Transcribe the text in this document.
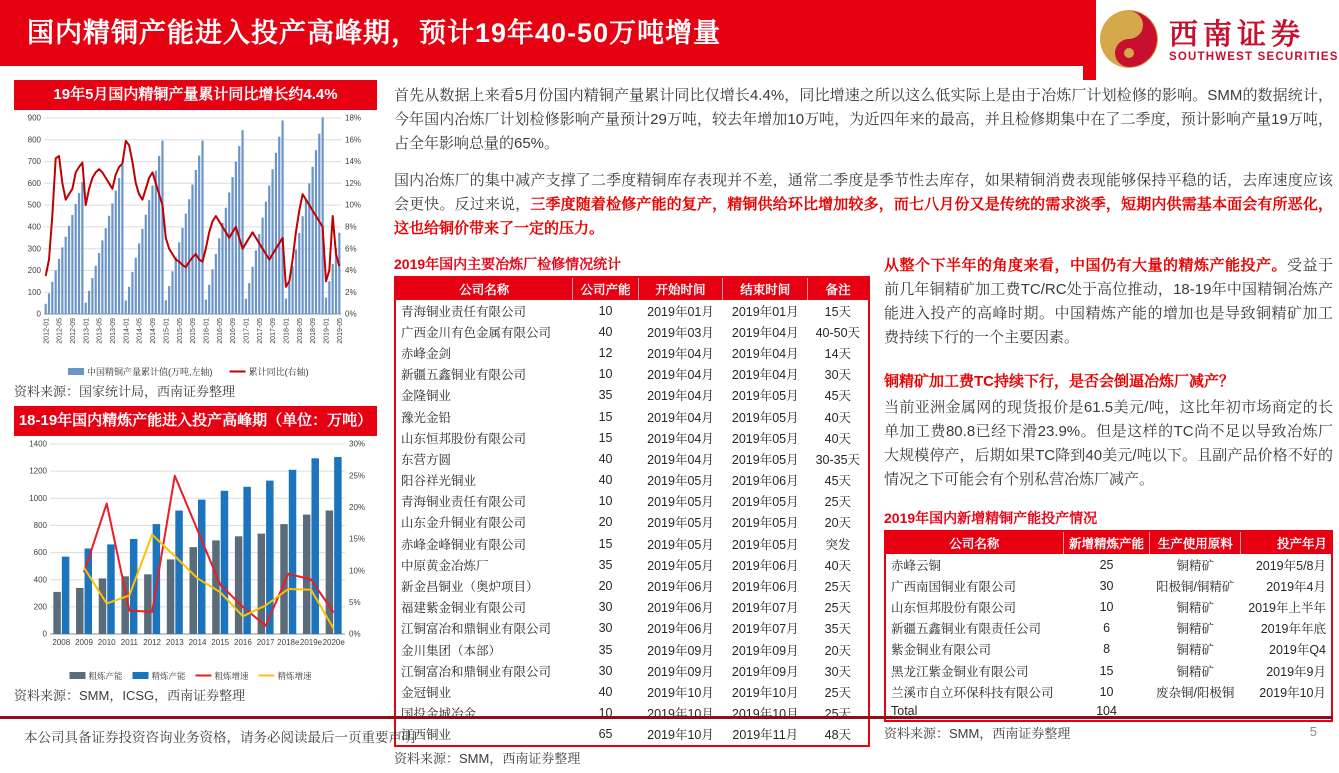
国内精铜产能进入投产高峰期，预计19年40-50万吨增量	西南证券
SOUTHWEST SECURITIES
19年5月国内精铜产量累计同比增长约4.4%
0
100
200
300
400
500
600
700
800
900
0%
2%
4%
6%
8%
10%
12%
14%
16%
18%
2012-01 2012-05 2012-09 2013-01 2013-05 2013-09 2014-01 2014-05 2014-09 2015-01 2015-05 2015-09 2016-01 2016-05 2016-09 2017-01 2017-05 2017-09 2018-01 2018-05 2018-09 2019-01 2019-05
中国精铜产量累计值(万吨,左轴)	累计同比(右轴)
资料来源：国家统计局，西南证券整理
18-19年国内精炼产能进入投产高峰期（单位：万吨）
0
200
400
600
800
1000
1200
1400
0%
5%
10%
15%
20%
25%
30%
2008 2009 2010 2011 2012 2013 2014 2015 2016 2017 2018e 2019e 2020e
粗炼产能	精炼产能	粗炼增速	精炼增速
资料来源：SMM，ICSG，西南证券整理

首先从数据上来看5月份国内精铜产量累计同比仅增长4.4%，同比增速之所以这么低实际上是由于冶炼厂计划检修的影响。SMM的数据统计，今年国内冶炼厂计划检修影响产量预计29万吨，较去年增加10万吨，为近四年来的最高，并且检修期集中在了二季度，预计影响产量19万吨，占全年影响总量的65%。

国内冶炼厂的集中减产支撑了二季度精铜库存表现并不差，通常二季度是季节性去库存，如果精铜消费表现能够保持平稳的话，去库速度应该会更快。反过来说，三季度随着检修产能的复产，精铜供给环比增加较多，而七八月份又是传统的需求淡季，短期内供需基本面会有所恶化，这也给铜价带来了一定的压力。

2019年国内主要冶炼厂检修情况统计
公司名称	公司产能	开始时间	结束时间	备注
青海铜业责任有限公司	10	2019年01月	2019年01月	15天
广西金川有色金属有限公司	40	2019年03月	2019年04月	40-50天
赤峰金剑	12	2019年04月	2019年04月	14天
新疆五鑫铜业有限公司	10	2019年04月	2019年04月	30天
金隆铜业	35	2019年04月	2019年05月	45天
豫光金铅	15	2019年04月	2019年05月	40天
山东恒邦股份有限公司	15	2019年04月	2019年05月	40天
东营方圆	40	2019年04月	2019年05月	30-35天
阳谷祥光铜业	40	2019年05月	2019年06月	45天
青海铜业责任有限公司	10	2019年05月	2019年05月	25天
山东金升铜业有限公司	20	2019年05月	2019年05月	20天
赤峰金峰铜业有限公司	15	2019年05月	2019年05月	突发
中原黄金冶炼厂	35	2019年05月	2019年06月	40天
新金昌铜业（奥炉项目）	20	2019年06月	2019年06月	25天
福建紫金铜业有限公司	30	2019年06月	2019年07月	25天
江铜富冶和鼎铜业有限公司	30	2019年06月	2019年07月	35天
金川集团（本部）	35	2019年09月	2019年09月	20天
江铜富冶和鼎铜业有限公司	30	2019年09月	2019年09月	30天
金冠铜业	40	2019年10月	2019年10月	25天
国投金城冶金	10	2019年10月	2019年10月	25天
江西铜业	65	2019年10月	2019年11月	48天
资料来源：SMM，西南证券整理

从整个下半年的角度来看，中国仍有大量的精炼产能投产。受益于前几年铜精矿加工费TC/RC处于高位推动，18-19年中国精铜冶炼产能进入投产的高峰时期。中国精炼产能的增加也是导致铜精矿加工费持续下行的一个主要因素。

铜精矿加工费TC持续下行，是否会倒逼冶炼厂减产？

当前亚洲金属网的现货报价是61.5美元/吨，这比年初市场商定的长单加工费80.8已经下滑23.9%。但是这样的TC尚不足以导致冶炼厂大规模停产，后期如果TC降到40美元/吨以下。且副产品价格不好的情况之下可能会有个别私营冶炼厂减产。

2019年国内新增精铜产能投产情况
公司名称	新增精炼产能	生产使用原料	投产年月
赤峰云铜	25	铜精矿	2019年5/8月
广西南国铜业有限公司	30	阳极铜/铜精矿	2019年4月
山东恒邦股份有限公司	10	铜精矿	2019年上半年
新疆五鑫铜业有限责任公司	6	铜精矿	2019年年底
紫金铜业有限公司	8	铜精矿	2019年Q4
黑龙江紫金铜业有限公司	15	铜精矿	2019年9月
兰溪市自立环保科技有限公司	10	废杂铜/阳极铜	2019年10月
Total	104		
资料来源：SMM，西南证券整理
本公司具备证券投资咨询业务资格，请务必阅读最后一页重要声明	5
